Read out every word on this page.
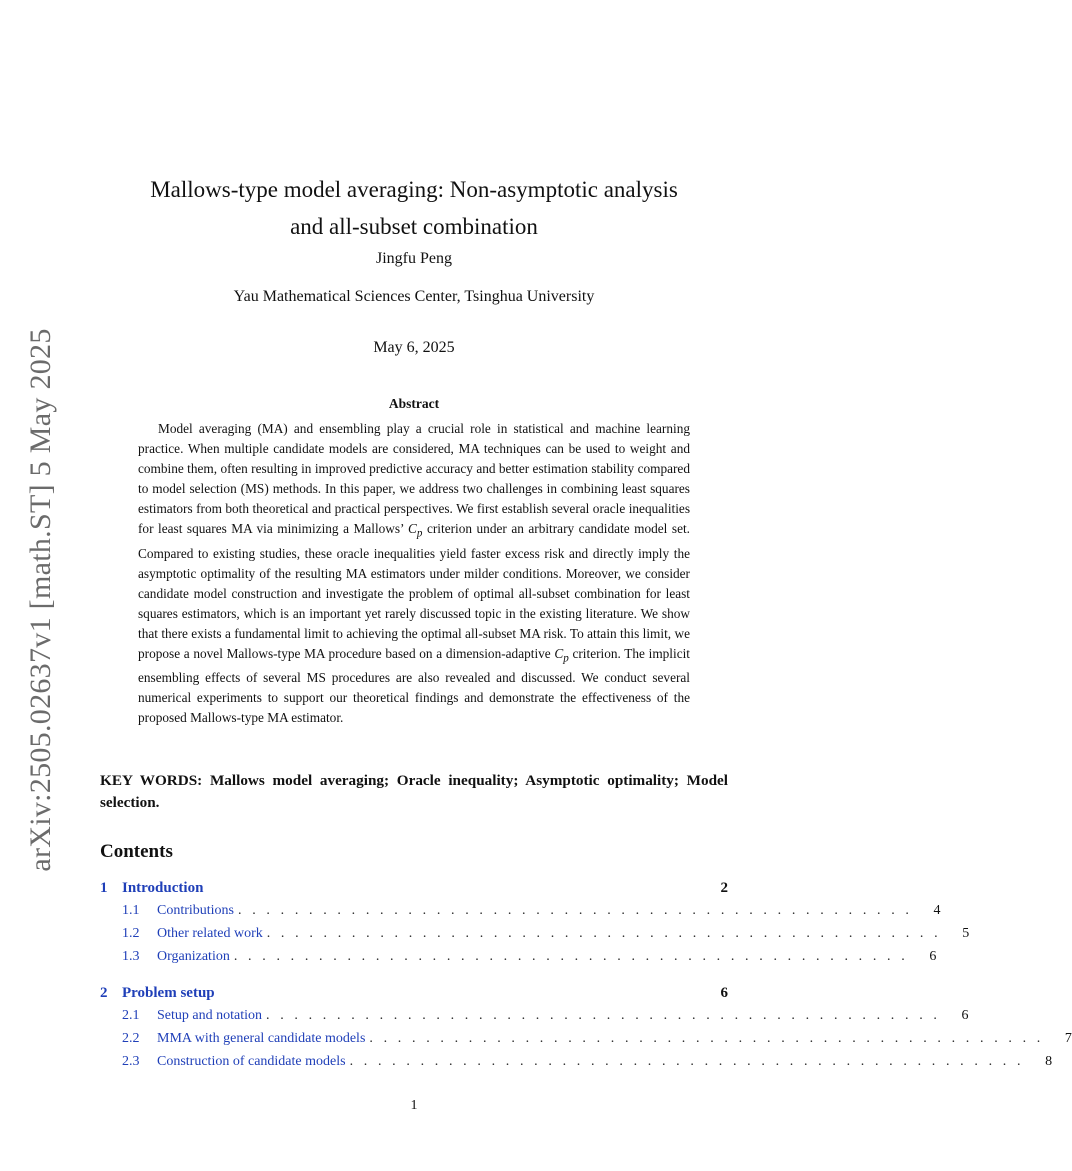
arXiv:2505.02637v1 [math.ST] 5 May 2025
Mallows-type model averaging: Non-asymptotic analysis
and all-subset combination
Jingfu Peng
Yau Mathematical Sciences Center, Tsinghua University
May 6, 2025
Abstract

Model averaging (MA) and ensembling play a crucial role in statistical and machine learning practice. When multiple candidate models are considered, MA techniques can be used to weight and combine them, often resulting in improved predictive accuracy and better estimation stability compared to model selection (MS) methods. In this paper, we address two challenges in combining least squares estimators from both theoretical and practical perspectives. We first establish several oracle inequalities for least squares MA via minimizing a Mallows’ $C_p$ criterion under an arbitrary candidate model set. Compared to existing studies, these oracle inequalities yield faster excess risk and directly imply the asymptotic optimality of the resulting MA estimators under milder conditions. Moreover, we consider candidate model construction and investigate the problem of optimal all-subset combination for least squares estimators, which is an important yet rarely discussed topic in the existing literature. We show that there exists a fundamental limit to achieving the optimal all-subset MA risk. To attain this limit, we propose a novel Mallows-type MA procedure based on a dimension-adaptive $C_p$ criterion. The implicit ensembling effects of several MS procedures are also revealed and discussed. We conduct several numerical experiments to support our theoretical findings and demonstrate the effectiveness of the proposed Mallows-type MA estimator.

KEY WORDS: Mallows model averaging; Oracle inequality; Asymptotic optimality; Model selection.

Contents
1 Introduction	2
1.1	Contributions . . . . . . . . . . . . . . . . . . . . . . . . . . . . . . . . . . . . . . . . . . . . . . . .	4
1.2	Other related work . . . . . . . . . . . . . . . . . . . . . . . . . . . . . . . . . . . . . . . . . . . . . . . .	5
1.3	Organization . . . . . . . . . . . . . . . . . . . . . . . . . . . . . . . . . . . . . . . . . . . . . . . .	6
2 Problem setup	6
2.1	Setup and notation . . . . . . . . . . . . . . . . . . . . . . . . . . . . . . . . . . . . . . . . . . . . . . . .	6
2.2	MMA with general candidate models . . . . . . . . . . . . . . . . . . . . . . . . . . . . . . . . . . . . . . . . . . . . . . . .	7
2.3	Construction of candidate models . . . . . . . . . . . . . . . . . . . . . . . . . . . . . . . . . . . . . . . . . . . . . . . .	8
1
